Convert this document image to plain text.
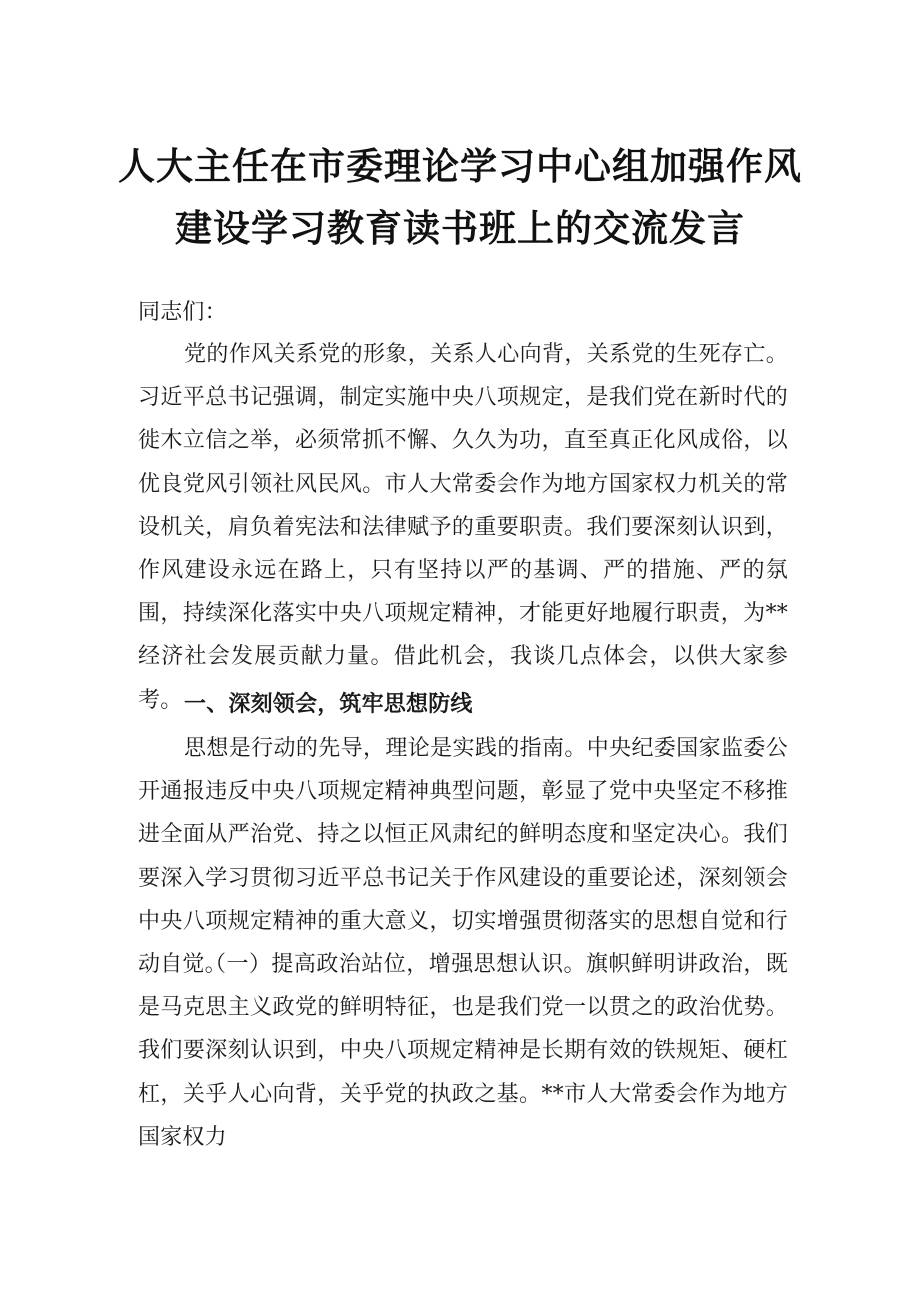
人大主任在市委理论学习中心组加强作风
建设学习教育读书班上的交流发言

同志们：

党的作风关系党的形象，关系人心向背，关系党的生死存亡。习近平总书记强调，制定实施中央八项规定，是我们党在新时代的徙木立信之举，必须常抓不懈、久久为功，直至真正化风成俗，以优良党风引领社风民风。市人大常委会作为地方国家权力机关的常设机关，肩负着宪法和法律赋予的重要职责。我们要深刻认识到，作风建设永远在路上，只有坚持以严的基调、严的措施、严的氛围，持续深化落实中央八项规定精神，才能更好地履行职责，为**经济社会发展贡献力量。借此机会，我谈几点体会，以供大家参考。 一、深刻领会，筑牢思想防线

思想是行动的先导，理论是实践的指南。中央纪委国家监委公开通报违反中央八项规定精神典型问题，彰显了党中央坚定不移推进全面从严治党、持之以恒正风肃纪的鲜明态度和坚定决心。我们要深入学习贯彻习近平总书记关于作风建设的重要论述，深刻领会中央八项规定精神的重大意义，切实增强贯彻落实的思想自觉和行动自觉。

（一）提高政治站位，增强思想认识。旗帜鲜明讲政治，既是马克思主义政党的鲜明特征，也是我们党一以贯之的政治优势。我们要深刻认识到，中央八项规定精神是长期有效的铁规矩、硬杠杠，关乎人心向背，关乎党的执政之基。**市人大常委会作为地方国家权力
